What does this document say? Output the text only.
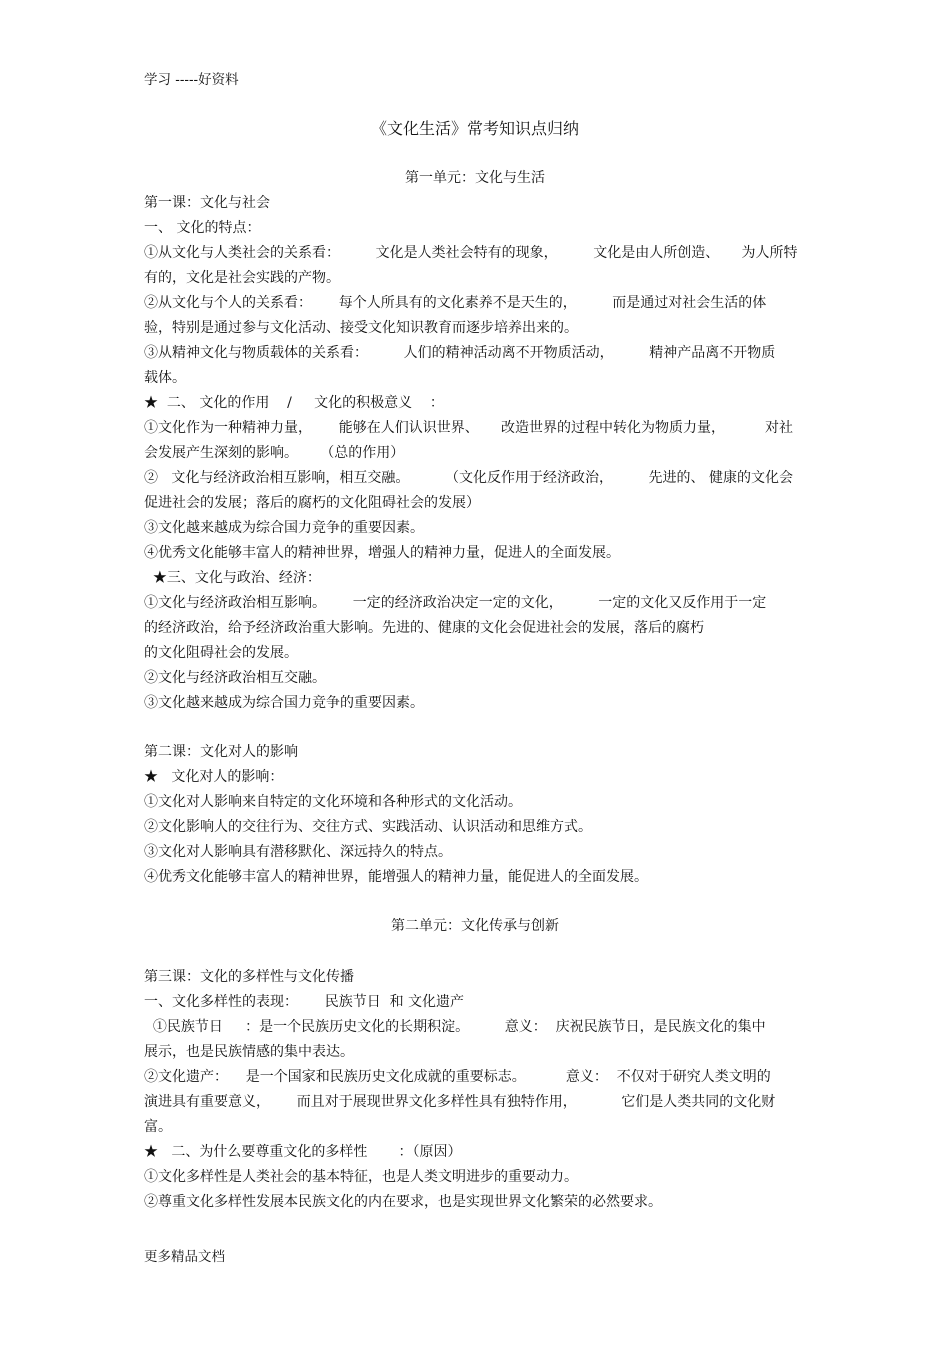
学习 -----好资料
《文化生活》常考知识点归纳
第一单元：文化与生活
第一课：文化与社会
一、 文化的特点：
①从文化与人类社会的关系看：        文化是人类社会特有的现象，        文化是由人所创造、     为人所特
有的，文化是社会实践的产物。
②从文化与个人的关系看：      每个人所具有的文化素养不是天生的，        而是通过对社会生活的体
验，特别是通过参与文化活动、接受文化知识教育而逐步培养出来的。
③从精神文化与物质载体的关系看：        人们的精神活动离不开物质活动，        精神产品离不开物质
载体。
★  二、 文化的作用    /     文化的积极意义    ：
①文化作为一种精神力量，      能够在人们认识世界、     改造世界的过程中转化为物质力量，         对社
会发展产生深刻的影响。     （总的作用）
②   文化与经济政治相互影响，相互交融。        （文化反作用于经济政治，        先进的、 健康的文化会
促进社会的发展；落后的腐朽的文化阻碍社会的发展）
③文化越来越成为综合国力竞争的重要因素。
④优秀文化能够丰富人的精神世界，增强人的精神力量，促进人的全面发展。
★三、文化与政治、经济：
①文化与经济政治相互影响。      一定的经济政治决定一定的文化，        一定的文化又反作用于一定
的经济政治，给予经济政治重大影响。先进的、健康的文化会促进社会的发展，落后的腐朽
的文化阻碍社会的发展。
②文化与经济政治相互交融。
③文化越来越成为综合国力竞争的重要因素。
第二课：文化对人的影响
★   文化对人的影响：
①文化对人影响来自特定的文化环境和各种形式的文化活动。
②文化影响人的交往行为、交往方式、实践活动、认识活动和思维方式。
③文化对人影响具有潜移默化、深远持久的特点。
④优秀文化能够丰富人的精神世界，能增强人的精神力量，能促进人的全面发展。
第二单元：文化传承与创新
第三课：文化的多样性与文化传播
一、文化多样性的表现：      民族节日  和 文化遗产
①民族节日     ：是一个民族历史文化的长期积淀。        意义：  庆祝民族节日，是民族文化的集中
展示，也是民族情感的集中表达。
②文化遗产：    是一个国家和民族历史文化成就的重要标志。         意义：  不仅对于研究人类文明的
演进具有重要意义，      而且对于展现世界文化多样性具有独特作用，          它们是人类共同的文化财
富。
★   二、为什么要尊重文化的多样性       ：（原因）
①文化多样性是人类社会的基本特征，也是人类文明进步的重要动力。
②尊重文化多样性发展本民族文化的内在要求，也是实现世界文化繁荣的必然要求。
更多精品文档
